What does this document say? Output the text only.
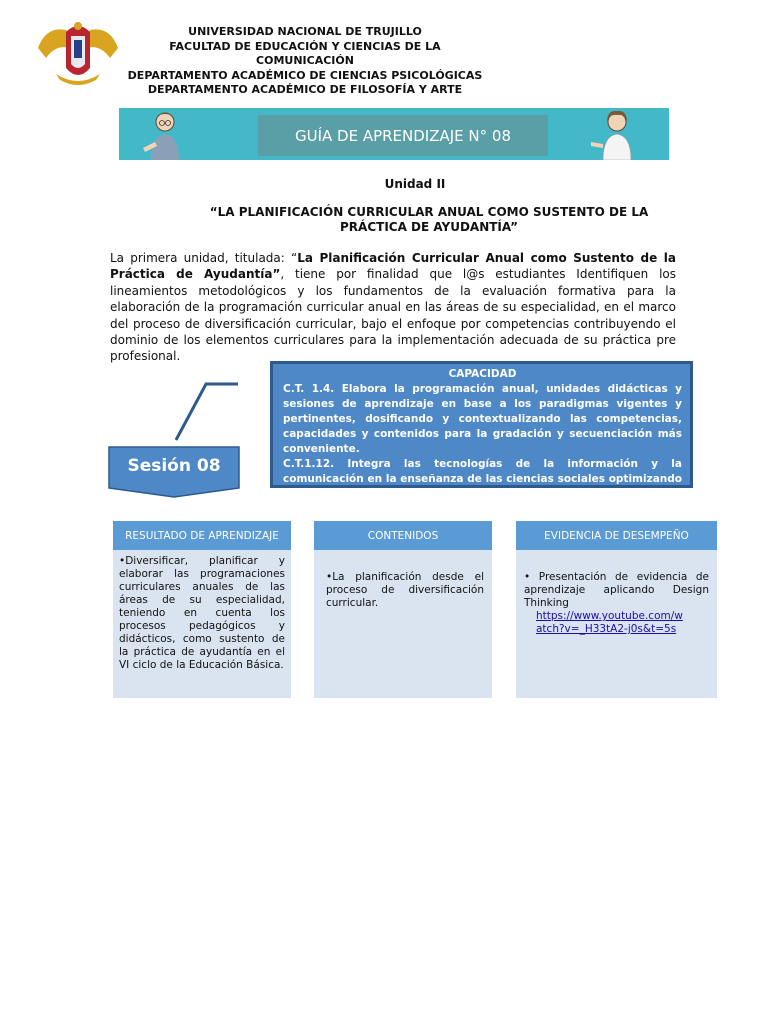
UNIVERSIDAD NACIONAL DE TRUJILLO
FACULTAD DE EDUCACIÓN Y CIENCIAS DE LA COMUNICACIÓN
DEPARTAMENTO ACADÉMICO DE CIENCIAS PSICOLÓGICAS
DEPARTAMENTO ACADÉMICO DE FILOSOFÍA Y ARTE
GUÍA DE APRENDIZAJE N° 08
Unidad II
“LA PLANIFICACIÓN CURRICULAR ANUAL COMO SUSTENTO DE LA PRÁCTICA DE AYUDANTÍA”
La primera unidad, titulada: “La Planificación Curricular Anual como Sustento de la Práctica de Ayudantía”, tiene por finalidad que l@s estudiantes Identifiquen los lineamientos metodológicos y los fundamentos de la evaluación formativa para la elaboración de la programación curricular anual en las áreas de su especialidad, en el marco del proceso de diversificación curricular, bajo el enfoque por competencias contribuyendo el dominio de los elementos curriculares para la implementación adecuada de su práctica pre profesional.
CAPACIDAD
C.T. 1.4. Elabora la programación anual, unidades didácticas y sesiones de aprendizaje en base a los paradigmas vigentes y pertinentes, dosificando y contextualizando las competencias, capacidades y contenidos para la gradación y secuenciación más conveniente.
C.T.1.12. Integra las tecnologías de la información y la comunicación en la enseñanza de las ciencias sociales optimizando su capacidad pedagógica.
Sesión 08
RESULTADO DE APRENDIZAJE
•Diversificar, planificar y elaborar las programaciones curriculares anuales de las áreas de su especialidad, teniendo en cuenta los procesos pedagógicos y didácticos, como sustento de la práctica de ayudantía en el VI ciclo de la Educación Básica.
CONTENIDOS
•La planificación desde el proceso de diversificación curricular.
EVIDENCIA DE DESEMPEÑO
• Presentación de evidencia de aprendizaje aplicando Design Thinking
https://www.youtube.com/watch?v=_H33tA2-j0s&t=5s
